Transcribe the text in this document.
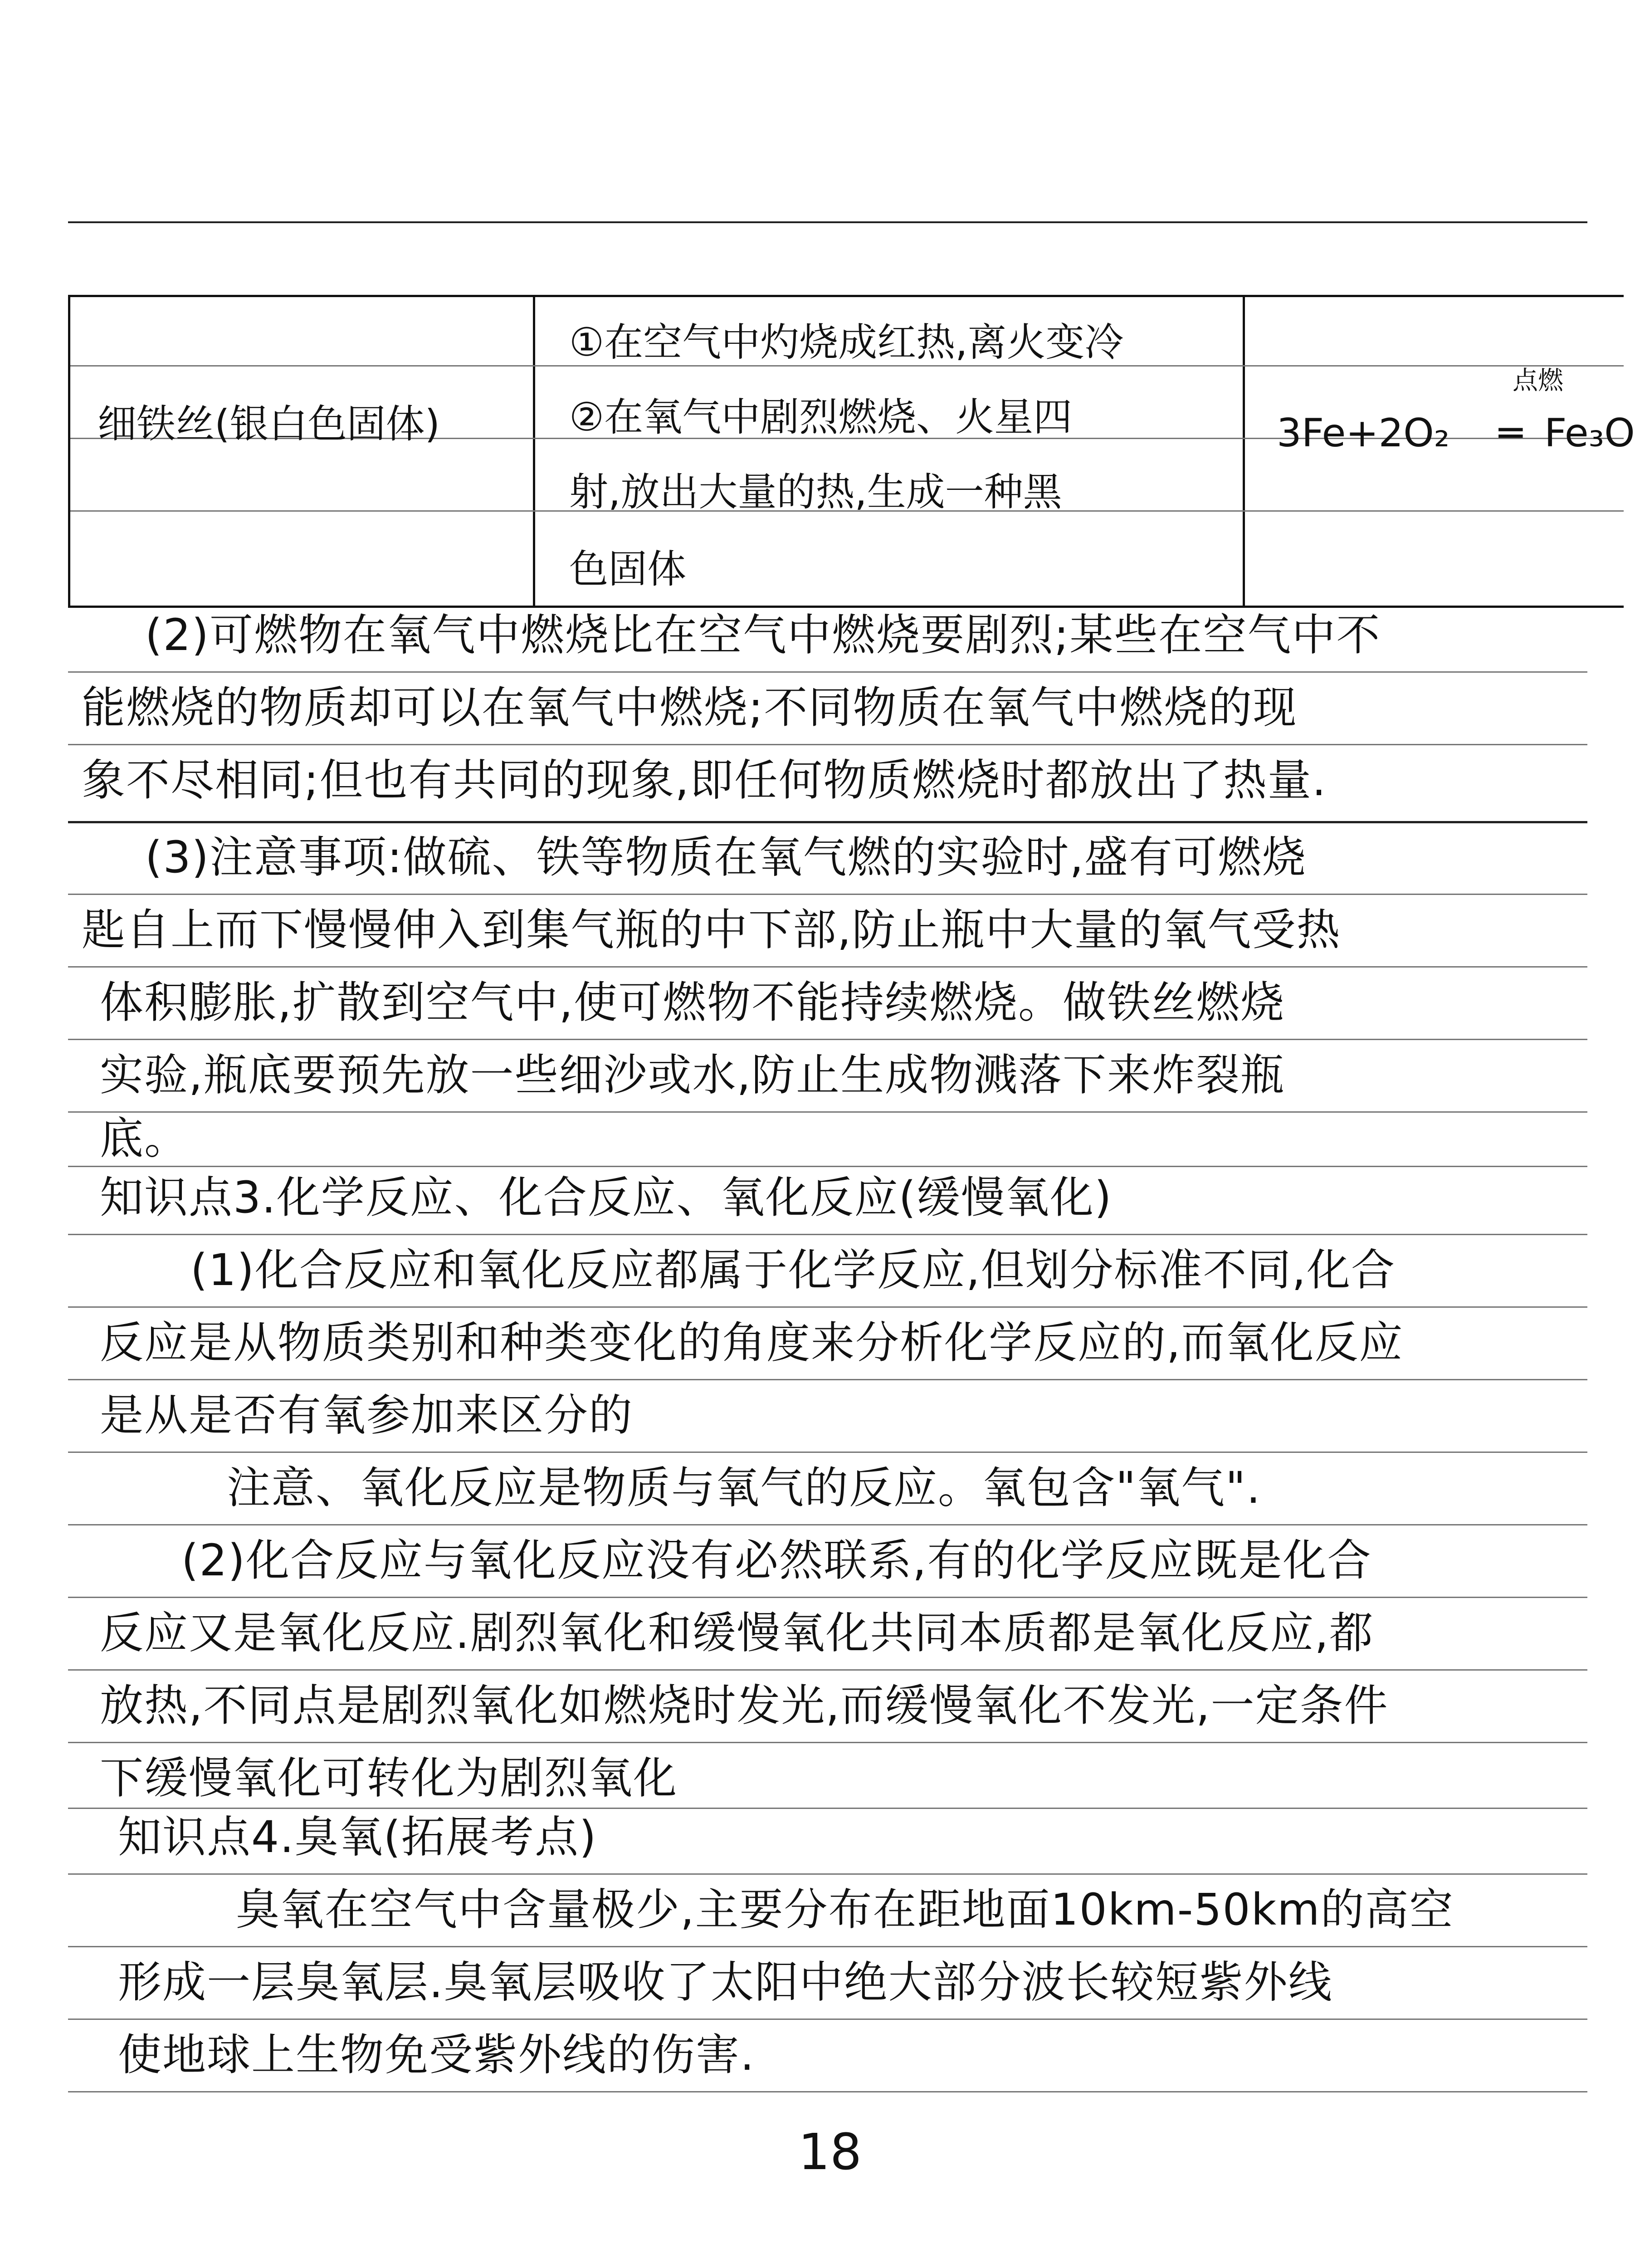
细铁丝(银白色固体)
①在空气中灼烧成红热,离火变冷
②在氧气中剧烈燃烧、火星四
射,放出大量的热,生成一种黑
色固体
点燃
3Fe+2O₂ ═ Fe₃O
(2)可燃物在氧气中燃烧比在空气中燃烧要剧烈;某些在空气中不
能燃烧的物质却可以在氧气中燃烧;不同物质在氧气中燃烧的现
象不尽相同;但也有共同的现象,即任何物质燃烧时都放出了热量.
(3)注意事项:做硫、铁等物质在氧气燃的实验时,盛有可燃烧
匙自上而下慢慢伸入到集气瓶的中下部,防止瓶中大量的氧气受热
体积膨胀,扩散到空气中,使可燃物不能持续燃烧。做铁丝燃烧
实验,瓶底要预先放一些细沙或水,防止生成物溅落下来炸裂瓶
底。
知识点3.化学反应、化合反应、氧化反应(缓慢氧化)
(1)化合反应和氧化反应都属于化学反应,但划分标准不同,化合
反应是从物质类别和种类变化的角度来分析化学反应的,而氧化反应
是从是否有氧参加来区分的
注意、氧化反应是物质与氧气的反应。氧包含"氧气".
(2)化合反应与氧化反应没有必然联系,有的化学反应既是化合
反应又是氧化反应.剧烈氧化和缓慢氧化共同本质都是氧化反应,都
放热,不同点是剧烈氧化如燃烧时发光,而缓慢氧化不发光,一定条件
下缓慢氧化可转化为剧烈氧化
知识点4.臭氧(拓展考点)
臭氧在空气中含量极少,主要分布在距地面10km-50km的高空
形成一层臭氧层.臭氧层吸收了太阳中绝大部分波长较短紫外线
使地球上生物免受紫外线的伤害.
18
